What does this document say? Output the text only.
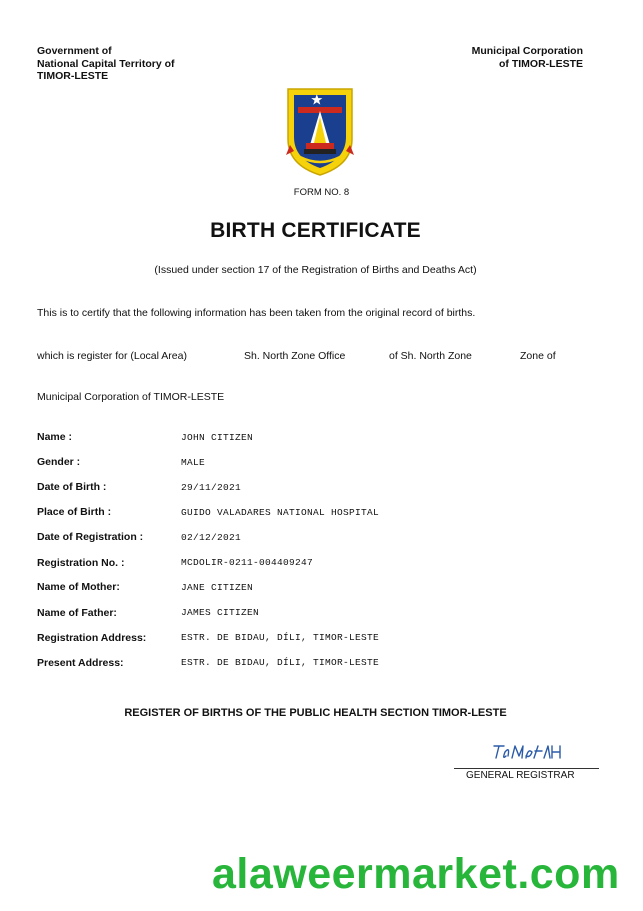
Government of
National Capital Territory of
TIMOR-LESTE
Municipal Corporation
of TIMOR-LESTE
FORM NO. 8
BIRTH CERTIFICATE
(Issued under section 17 of the Registration of Births and Deaths Act)
This is to certify that the following information has been taken from the original record of births.
which is register for (Local Area)	Sh. North Zone Office	of Sh. North Zone	Zone of
Municipal Corporation of TIMOR-LESTE
Name :	JOHN CITIZEN
Gender :	MALE
Date of Birth :	29/11/2021
Place of Birth :	GUIDO VALADARES NATIONAL HOSPITAL
Date of Registration :	02/12/2021
Registration No. :	MCDOLIR-0211-004409247
Name of Mother:	JANE CITIZEN
Name of Father:	JAMES CITIZEN
Registration Address:	ESTR. DE BIDAU, DÍLI, TIMOR-LESTE
Present Address:	ESTR. DE BIDAU, DÍLI, TIMOR-LESTE
REGISTER OF BIRTHS OF THE PUBLIC HEALTH SECTION TIMOR-LESTE
GENERAL REGISTRAR
alaweermarket.com
